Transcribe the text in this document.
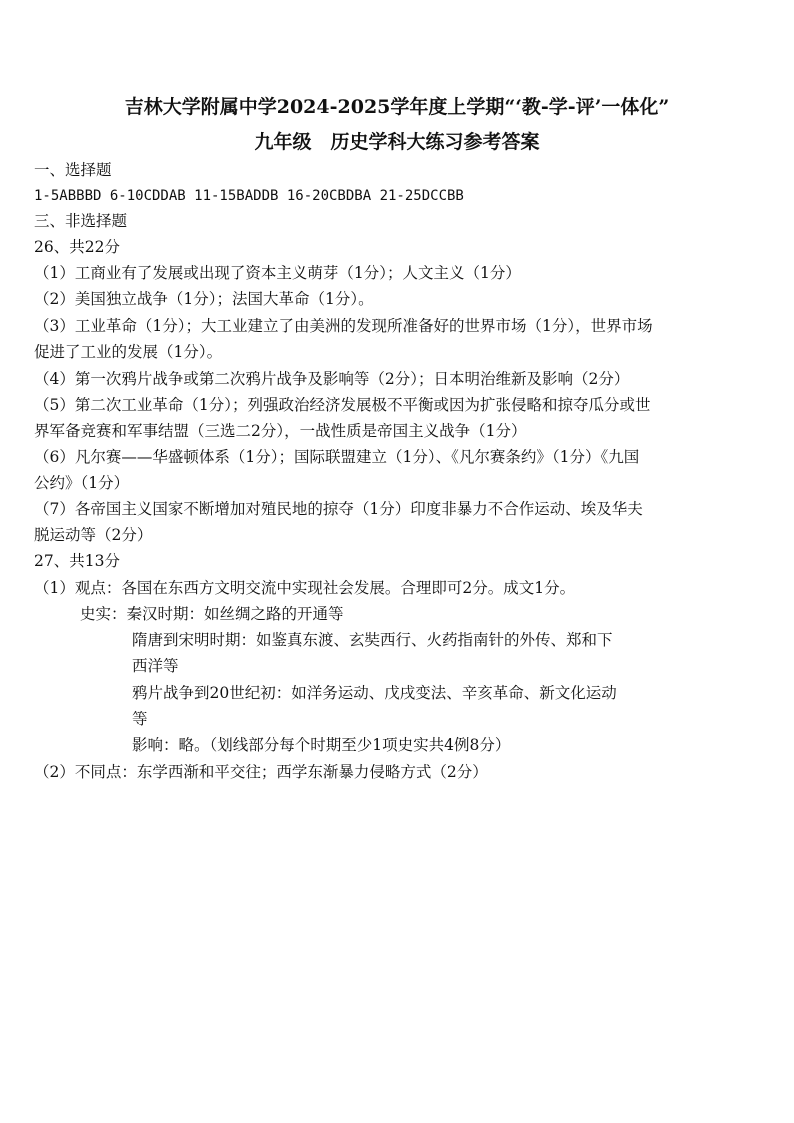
吉林大学附属中学2024-2025学年度上学期“‘教-学-评’一体化”
九年级　历史学科大练习参考答案
一、选择题
1-5ABBBD 6-10CDDAB 11-15BADDB 16-20CBDBA 21-25DCCBB
三、非选择题
26、共22分
（1）工商业有了发展或出现了资本主义萌芽（1分）；人文主义（1分）
（2）美国独立战争（1分）；法国大革命（1分）。
（3）工业革命（1分）；大工业建立了由美洲的发现所准备好的世界市场（1分），世界市场
促进了工业的发展（1分）。
（4）第一次鸦片战争或第二次鸦片战争及影响等（2分）；日本明治维新及影响（2分）
（5）第二次工业革命（1分）；列强政治经济发展极不平衡或因为扩张侵略和掠夺瓜分或世
界军备竞赛和军事结盟（三选二2分），一战性质是帝国主义战争（1分）
（6）凡尔赛——华盛顿体系（1分）；国际联盟建立（1分）、《凡尔赛条约》（1分）《九国
公约》（1分）
（7）各帝国主义国家不断增加对殖民地的掠夺（1分）印度非暴力不合作运动、埃及华夫
脱运动等（2分）
27、共13分
（1）观点：各国在东西方文明交流中实现社会发展。合理即可2分。成文1分。
史实：秦汉时期：如丝绸之路的开通等
隋唐到宋明时期：如鉴真东渡、玄奘西行、火药指南针的外传、郑和下
西洋等
鸦片战争到20世纪初：如洋务运动、戊戌变法、辛亥革命、新文化运动
等
影响：略。（划线部分每个时期至少1项史实共4例8分）
（2）不同点：东学西渐和平交往；西学东渐暴力侵略方式（2分）
